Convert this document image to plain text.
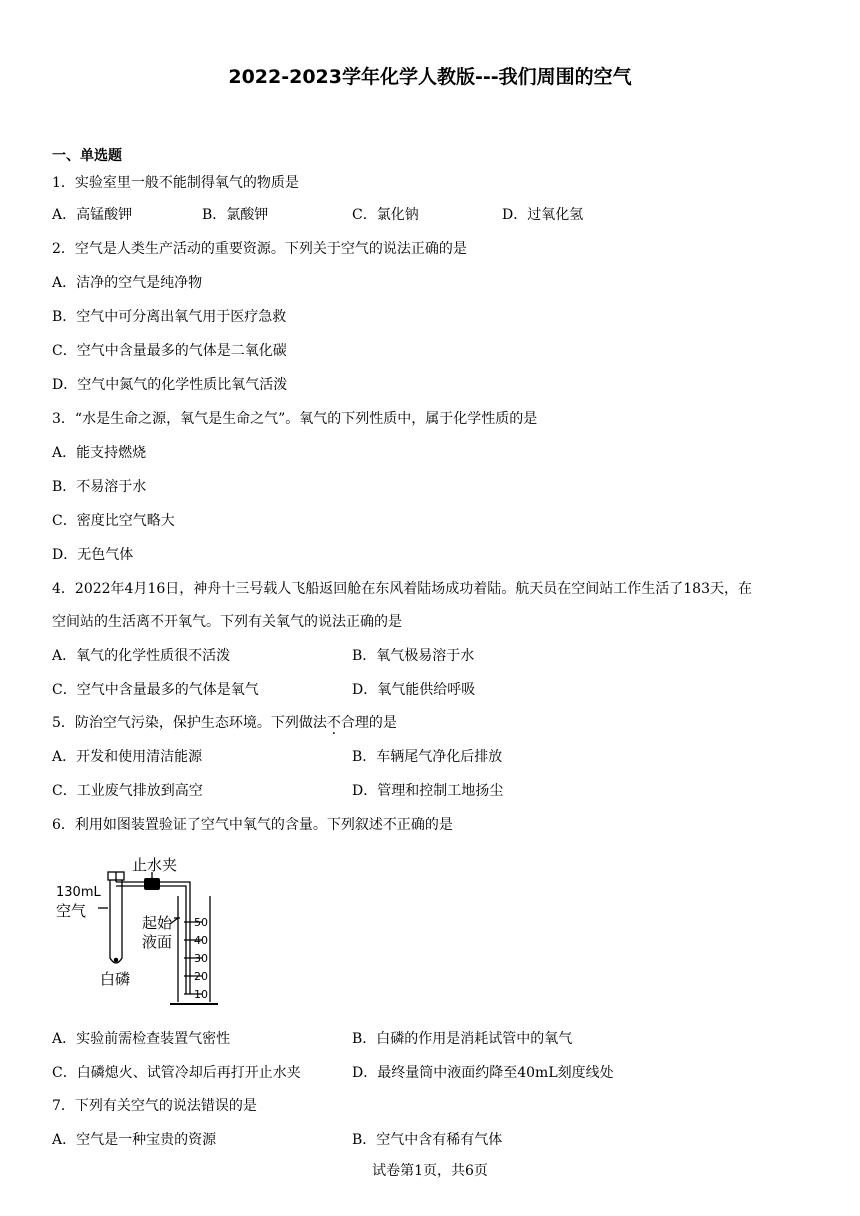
2022-2023学年化学人教版---我们周围的空气
一、单选题
1．实验室里一般不能制得氧气的物质是
A．高锰酸钾	B．氯酸钾	C．氯化钠	D．过氧化氢
2．空气是人类生产活动的重要资源。下列关于空气的说法正确的是
A．洁净的空气是纯净物
B．空气中可分离出氧气用于医疗急救
C．空气中含量最多的气体是二氧化碳
D．空气中氮气的化学性质比氧气活泼
3．“水是生命之源，氧气是生命之气”。氧气的下列性质中，属于化学性质的是
A．能支持燃烧
B．不易溶于水
C．密度比空气略大
D．无色气体
4．2022年4月16日，神舟十三号载人飞船返回舱在东风着陆场成功着陆。航天员在空间站工作生活了183天，在
空间站的生活离不开氧气。下列有关氧气的说法正确的是
A．氧气的化学性质很不活泼	B．氧气极易溶于水
C．空气中含量最多的气体是氧气	D．氧气能供给呼吸
5．防治空气污染，保护生态环境。下列做法不合理的是
A．开发和使用清洁能源	B．车辆尾气净化后排放
C．工业废气排放到高空	D．管理和控制工地扬尘
6．利用如图装置验证了空气中氧气的含量。下列叙述不正确的是
止水夹
130mL
空气
起始
液面
白磷
50
40
30
20
10
A．实验前需检查装置气密性	B．白磷的作用是消耗试管中的氧气
C．白磷熄火、试管冷却后再打开止水夹	D．最终量筒中液面约降至40mL刻度线处
7．下列有关空气的说法错误的是
A．空气是一种宝贵的资源	B．空气中含有稀有气体
试卷第1页，共6页
